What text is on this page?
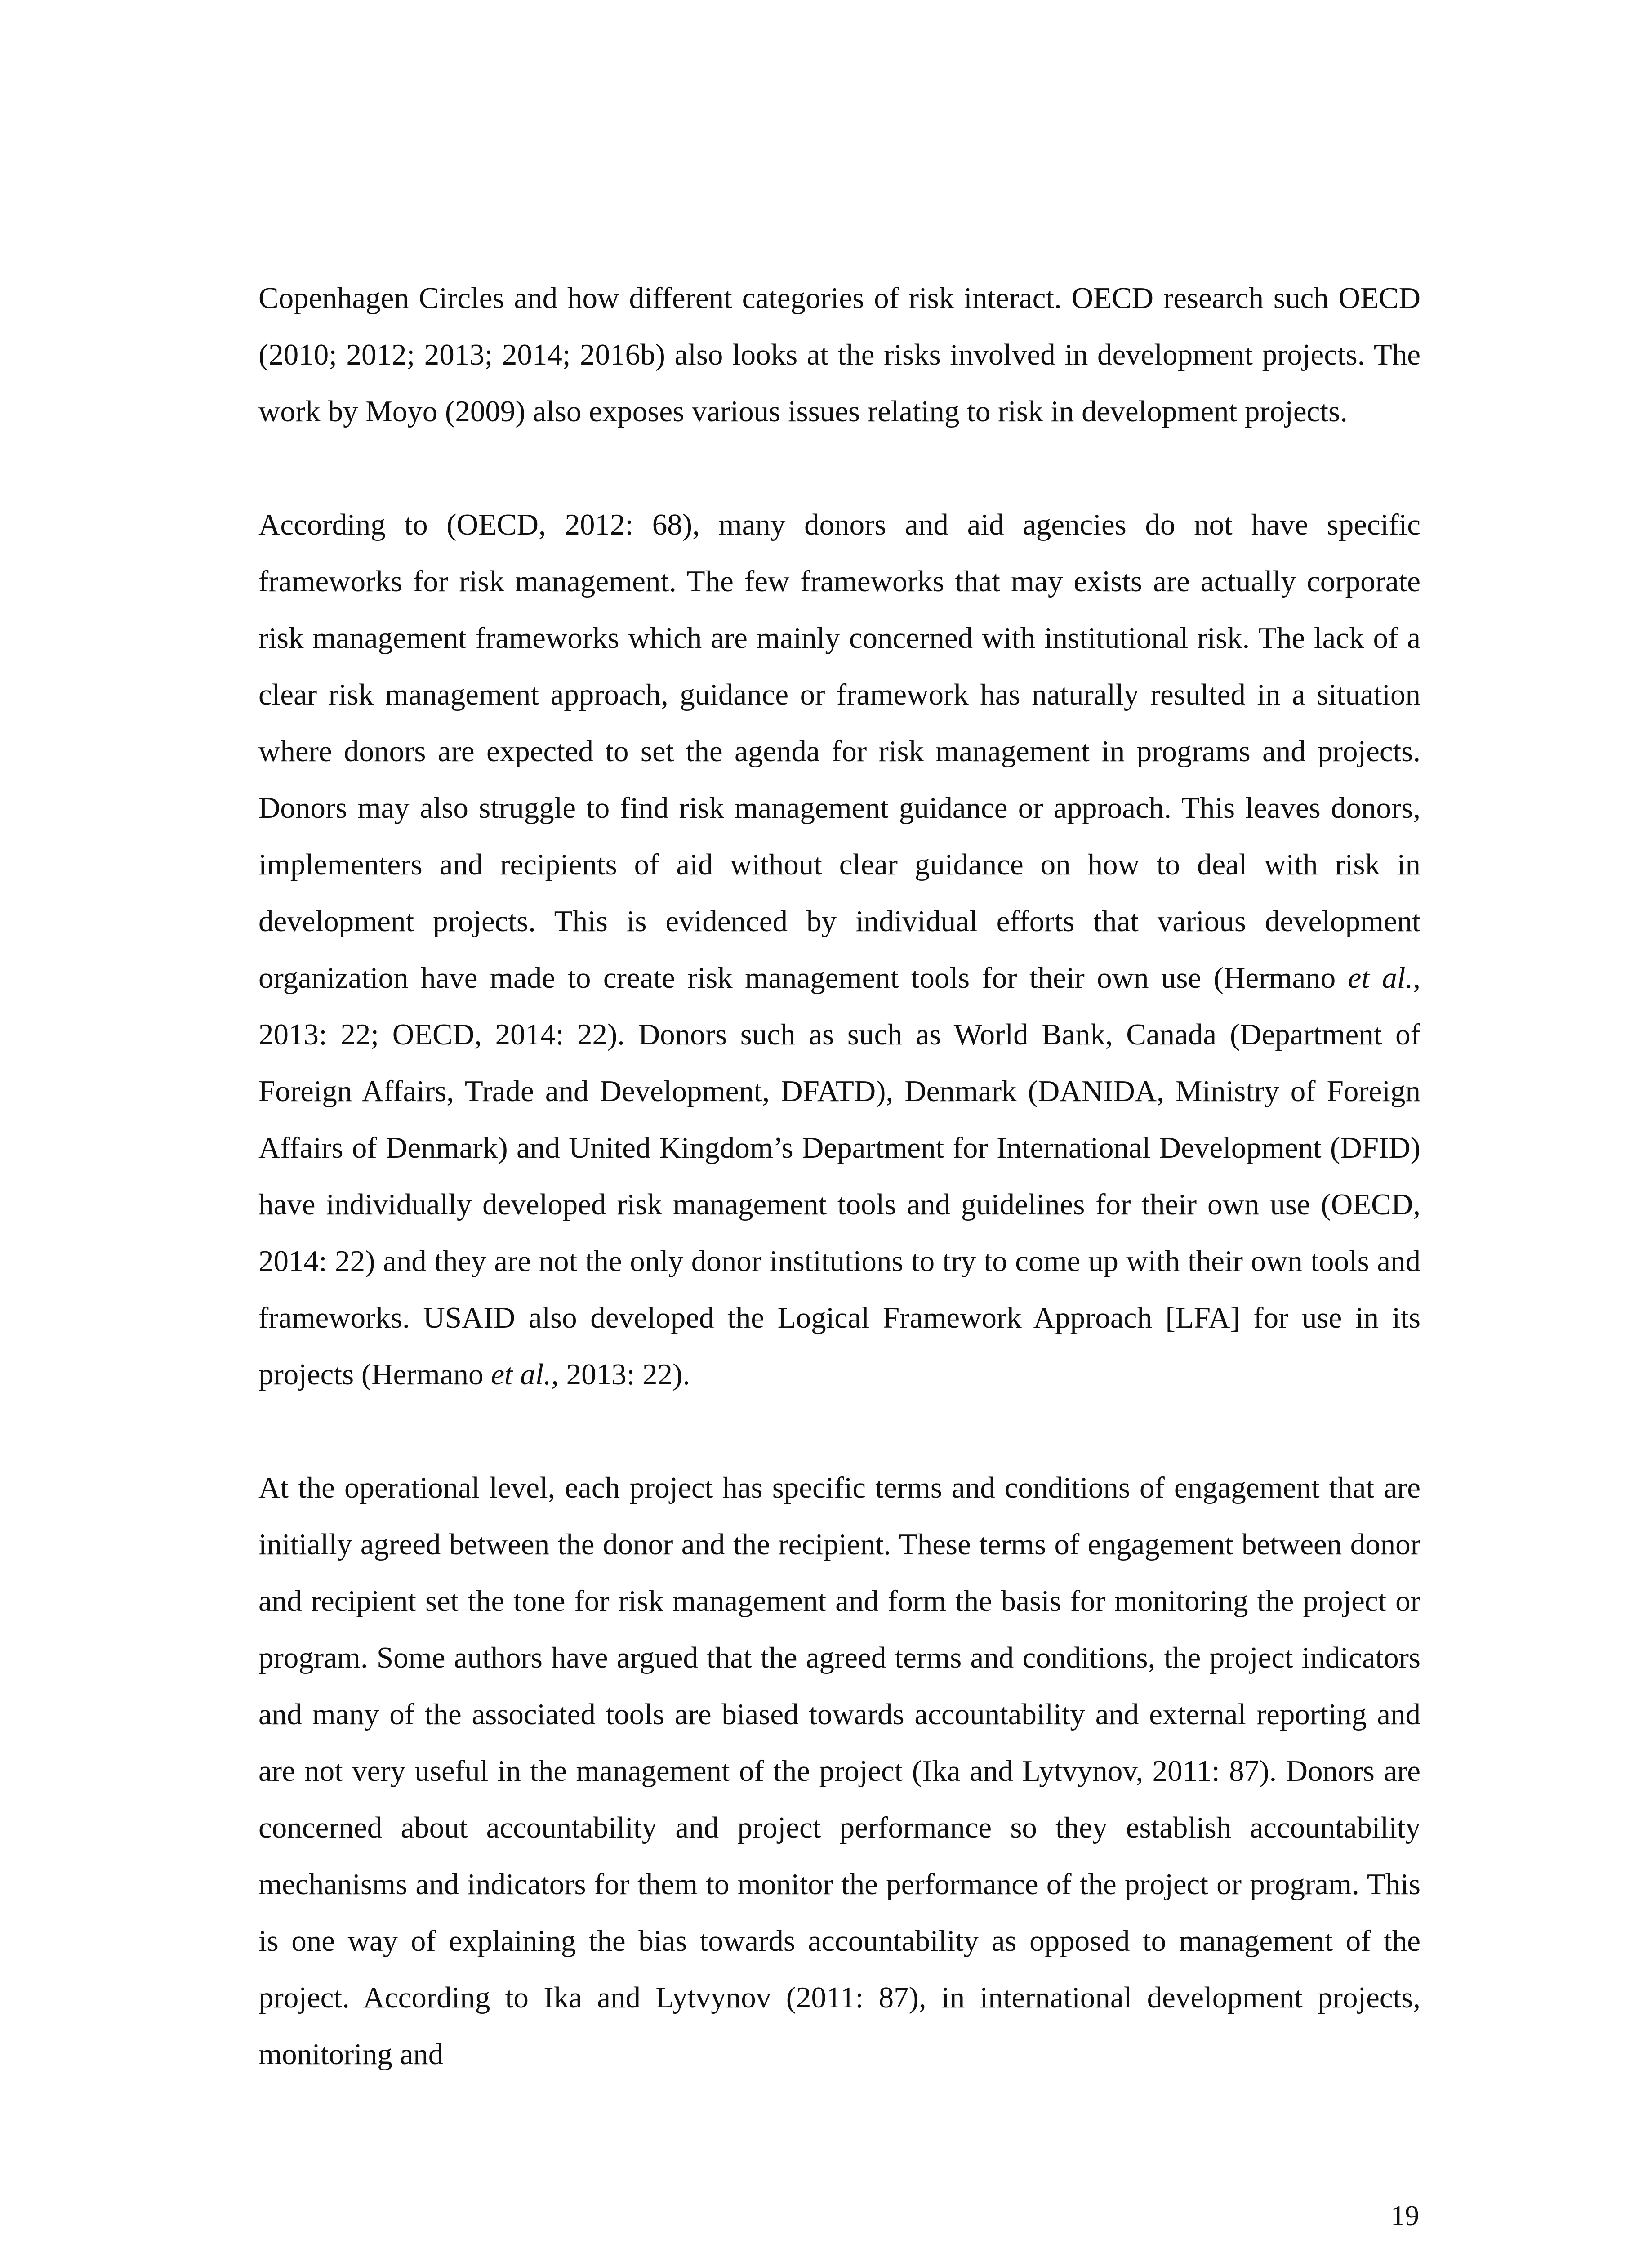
Copenhagen Circles and how different categories of risk interact. OECD research such OECD (2010; 2012; 2013; 2014; 2016b) also looks at the risks involved in development projects. The work by Moyo (2009) also exposes various issues relating to risk in development projects.

According to (OECD, 2012: 68), many donors and aid agencies do not have specific frameworks for risk management. The few frameworks that may exists are actually corporate risk management frameworks which are mainly concerned with institutional risk. The lack of a clear risk management approach, guidance or framework has naturally resulted in a situation where donors are expected to set the agenda for risk management in programs and projects. Donors may also struggle to find risk management guidance or approach. This leaves donors, implementers and recipients of aid without clear guidance on how to deal with risk in development projects. This is evidenced by individual efforts that various development organization have made to create risk management tools for their own use (Hermano et al., 2013: 22; OECD, 2014: 22). Donors such as such as World Bank, Canada (Department of Foreign Affairs, Trade and Development, DFATD), Denmark (DANIDA, Ministry of Foreign Affairs of Denmark) and United Kingdom’s Department for International Development (DFID) have individually developed risk management tools and guidelines for their own use (OECD, 2014: 22) and they are not the only donor institutions to try to come up with their own tools and frameworks. USAID also developed the Logical Framework Approach [LFA] for use in its projects (Hermano et al., 2013: 22).

At the operational level, each project has specific terms and conditions of engagement that are initially agreed between the donor and the recipient. These terms of engagement between donor and recipient set the tone for risk management and form the basis for monitoring the project or program. Some authors have argued that the agreed terms and conditions, the project indicators and many of the associated tools are biased towards accountability and external reporting and are not very useful in the management of the project (Ika and Lytvynov, 2011: 87). Donors are concerned about accountability and project performance so they establish accountability mechanisms and indicators for them to monitor the performance of the project or program. This is one way of explaining the bias towards accountability as opposed to management of the project. According to Ika and Lytvynov (2011: 87), in international development projects, monitoring and

19
